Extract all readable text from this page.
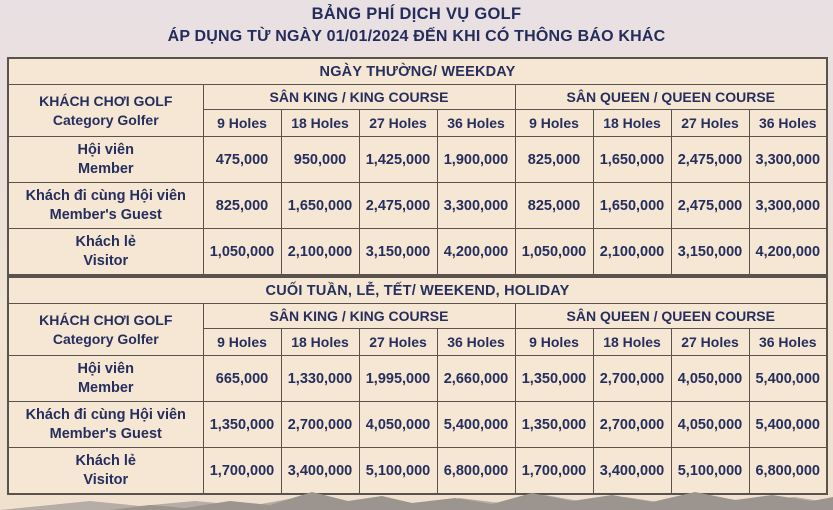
BẢNG PHÍ DỊCH VỤ GOLF
ÁP DỤNG TỪ NGÀY 01/01/2024 ĐẾN KHI CÓ THÔNG BÁO KHÁC
NGÀY THƯỜNG/ WEEKDAY								

KHÁCH CHƠI GOLF
Category Golfer	SÂN KING / KING COURSE				SÂN QUEEN / QUEEN COURSE			
	9 Holes	18 Holes	27 Holes	36 Holes	9 Holes	18 Holes	27 Holes	36 Holes

Hội viên
Member	475,000	950,000	1,425,000	1,900,000	825,000	1,650,000	2,475,000	3,300,000

Khách đi cùng Hội viên
Member's Guest	825,000	1,650,000	2,475,000	3,300,000	825,000	1,650,000	2,475,000	3,300,000

Khách lẻ
Visitor	1,050,000	2,100,000	3,150,000	4,200,000	1,050,000	2,100,000	3,150,000	4,200,000
CUỐI TUẦN, LỄ, TẾT/ WEEKEND, HOLIDAY								

KHÁCH CHƠI GOLF
Category Golfer	SÂN KING / KING COURSE				SÂN QUEEN / QUEEN COURSE			
	9 Holes	18 Holes	27 Holes	36 Holes	9 Holes	18 Holes	27 Holes	36 Holes

Hội viên
Member	665,000	1,330,000	1,995,000	2,660,000	1,350,000	2,700,000	4,050,000	5,400,000

Khách đi cùng Hội viên
Member's Guest	1,350,000	2,700,000	4,050,000	5,400,000	1,350,000	2,700,000	4,050,000	5,400,000

Khách lẻ
Visitor	1,700,000	3,400,000	5,100,000	6,800,000	1,700,000	3,400,000	5,100,000	6,800,000
